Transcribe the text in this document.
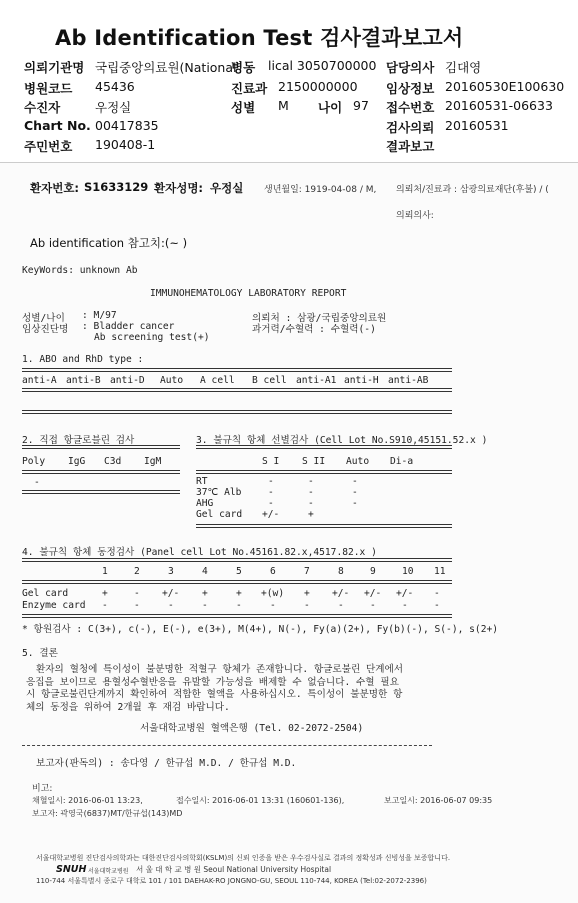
Ab Identification Test 검사결과보고서
의뢰기관명 국립중앙의료원(National
병동 lical 3050700000 담당의사 김대영
병원코드 45436	진료과 2150000000 임상정보 20160530E100630
수진자	우정실	성별 M 나이 97 접수번호 20160531-06633
Chart No. 00417835	검사의뢰 20160531
주민번호 190408-1	결과보고
환자번호: S1633129 환자성명: 우정실 생년월일: 1919-04-08 / M, 의뢰처/진료과 : 삼광의료재단(후불) / (
의뢰의사:
Ab identification 참고치:(~ )
KeyWords: unknown Ab
IMMUNOHEMATOLOGY LABORATORY REPORT
성별/나이 : M/97
임상진단명 : Bladder cancer
Ab screening test(+)
의뢰처 : 삼광/국립중앙의료원
과거력/수혈력 : 수혈력(-)
1. ABO and RhD type :
anti-A anti-B anti-D Auto A cell B cell anti-A1 anti-H anti-AB
2. 직접 항글로블린 검사
Poly IgG C3d IgM
-
3. 불규칙 항체 선별검사 (Cell Lot No.S910,45151.52.x )
S I S II Auto Di-a
RT	-	-	-
37℃ Alb	-	-	-
AHG	-	-	-
Gel card +/-	+
4. 불규칙 항체 동정검사 (Panel cell Lot No.45161.82.x,4517.82.x )
1	2	3	4	5	6	7	8	9	10 11
Gel card	+	- +/- +	+ +(w) + +/- +/- +/- -
Enzyme card -	-	-	-	-	-	-	-	-	-	-
* 항원검사 : C(3+), c(-), E(-), e(3+), M(4+), N(-), Fy(a)(2+), Fy(b)(-), S(-), s(2+)
5. 결론
환자의 혈청에 특이성이 불분명한 적혈구 항체가 존재합니다. 항글로불린 단계에서
응집을 보이므로 용혈성수혈반응을 유발할 가능성을 배제할 수 없습니다. 수혈 필요
시 항글로불린단계까지 확인하여 적합한 혈액을 사용하십시오. 특이성이 불분명한 항
체의 동정을 위하여 2개월 후 재검 바랍니다.
서울대학교병원 혈액은행 (Tel. 02-2072-2504)
보고자(판독의) : 송다영 / 한규섭 M.D. / 한규섭 M.D.
비고:
채혈일시: 2016-06-01 13:23,	접수일시: 2016-06-01 13:31 (160601-136),	보고일시: 2016-06-07 09:35
보고자: 곽영국(6837)MT/한규섭(143)MD
서울대학교병원 진단검사의학과는 대한진단검사의학회(KSLM)의 신뢰 인증을 받은 우수검사실로 결과의 정확성과 신빙성을 보증합니다.
SNUH 서울대학교병원 서 울 대 학 교 병 원 Seoul National University Hospital
110-744 서울특별시 종로구 대학로 101 / 101 DAEHAK-RO JONGNO-GU, SEOUL 110-744, KOREA (Tel:02-2072-2396)
